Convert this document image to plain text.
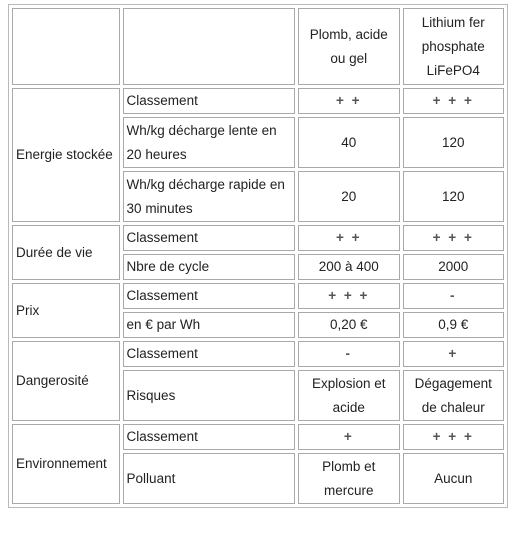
		Plomb, acide ou gel	Lithium fer phosphate LiFePO4
Energie stockée	Classement	+ +	+ + +
	Wh/kg décharge lente en 20 heures	40	120
	Wh/kg décharge rapide en 30 minutes	20	120
Durée de vie	Classement	+ +	+ + +
	Nbre de cycle	200 à 400	2000
Prix	Classement	+ + +	-
	en € par Wh	0,20 €	0,9 €
Dangerosité	Classement	-	+
	Risques	Explosion et acide	Dégagement de chaleur
Environnement	Classement	+	+ + +
	Polluant	Plomb et mercure	Aucun
